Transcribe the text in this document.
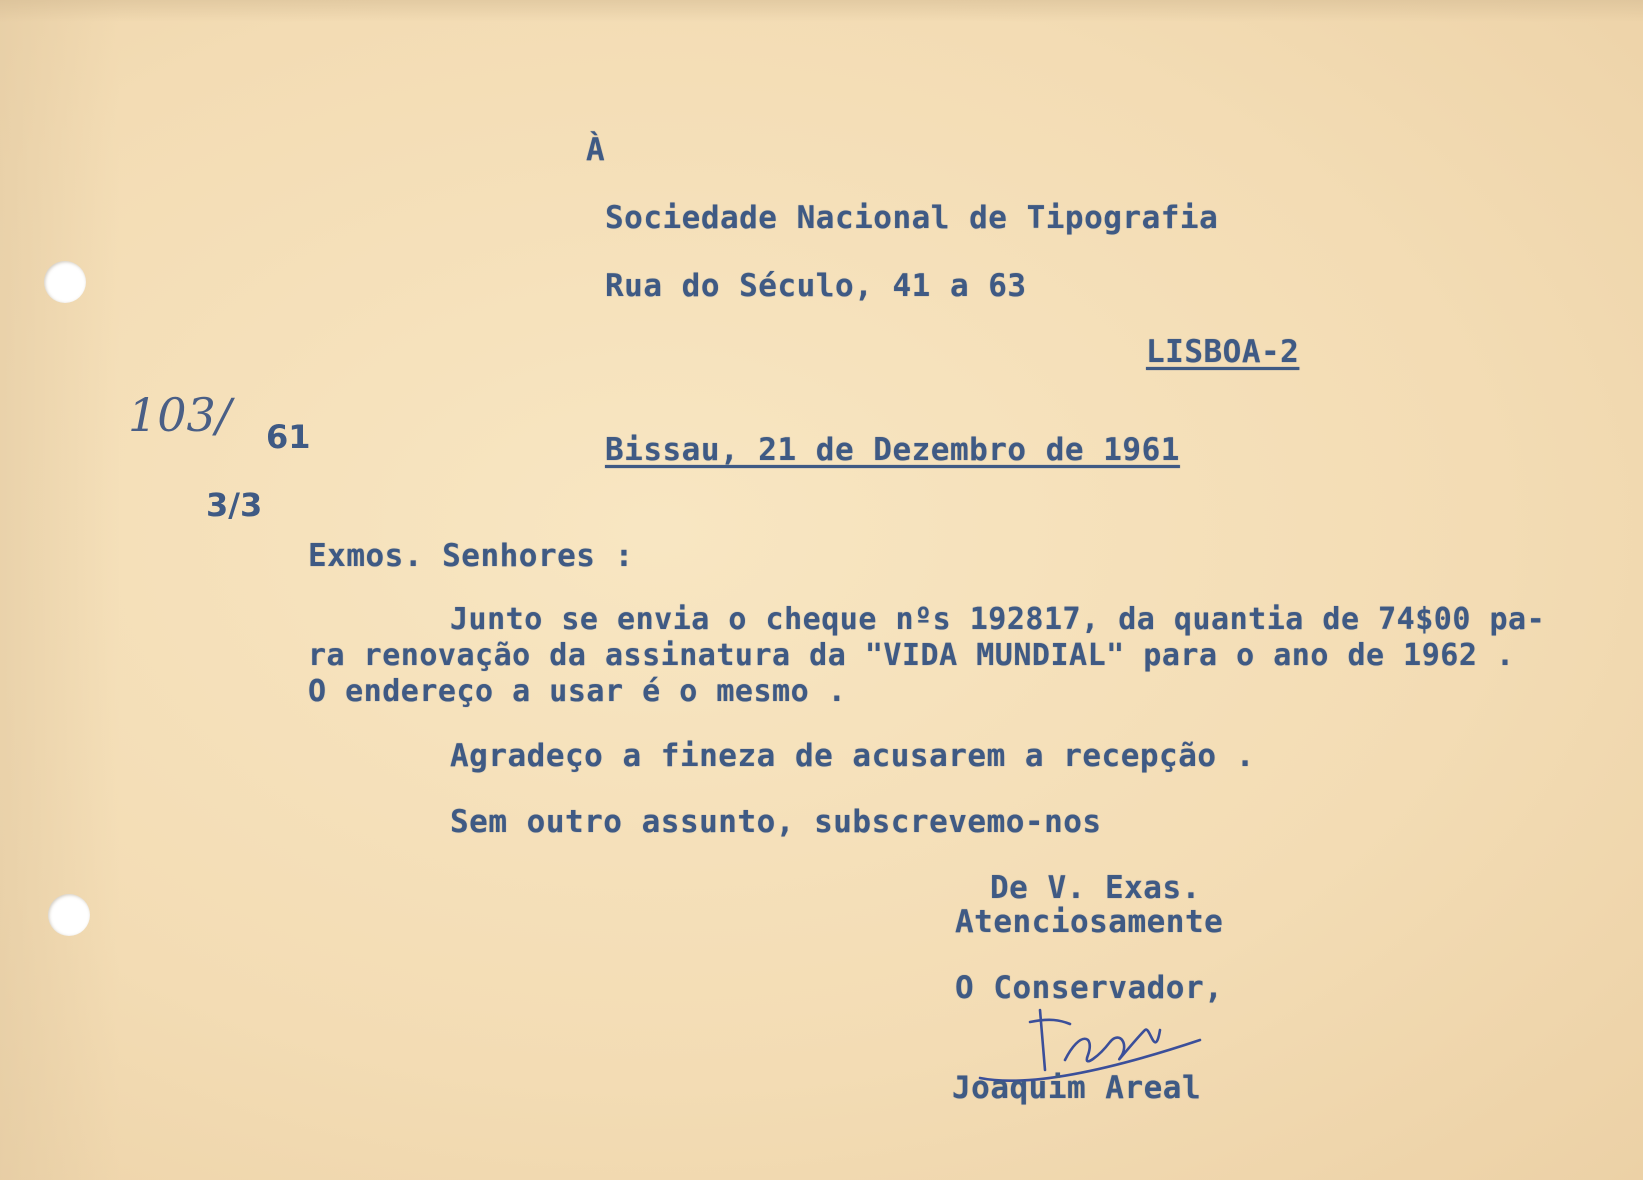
À
Sociedade Nacional de Tipografia
Rua do Século, 41 a 63
LISBOA-2
103/ 61
3/3
Bissau, 21 de Dezembro de 1961
Exmos. Senhores :
Junto se envia o cheque nºs 192817, da quantia de 74$00 pa-
ra renovação da assinatura da "VIDA MUNDIAL" para o ano de 1962 .
O endereço a usar é o mesmo .
Agradeço a fineza de acusarem a recepção .
Sem outro assunto, subscrevemo-nos
De V. Exas.
Atenciosamente
O Conservador,
Joaquim Areal
